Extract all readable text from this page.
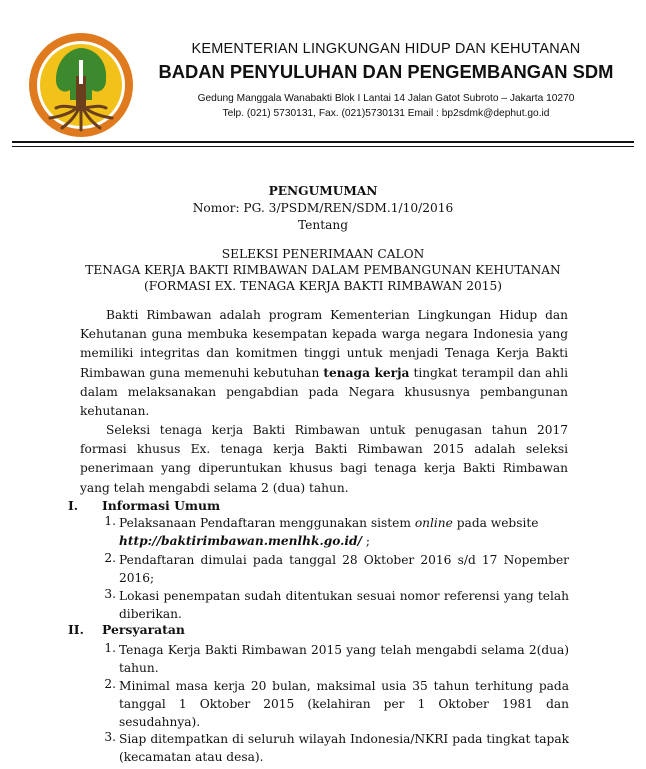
KEMENTERIAN LINGKUNGAN HIDUP DAN KEHUTANAN
BADAN PENYULUHAN DAN PENGEMBANGAN SDM
Gedung Manggala Wanabakti Blok I Lantai 14 Jalan Gatot Subroto – Jakarta 10270
Telp. (021) 5730131, Fax. (021)5730131 Email : bp2sdmk@dephut.go.id
PENGUMUMAN
Nomor: PG. 3/PSDM/REN/SDM.1/10/2016
Tentang
SELEKSI PENERIMAAN CALON
TENAGA KERJA BAKTI RIMBAWAN DALAM PEMBANGUNAN KEHUTANAN
(FORMASI EX. TENAGA KERJA BAKTI RIMBAWAN 2015)
Bakti Rimbawan adalah program Kementerian Lingkungan Hidup dan Kehutanan guna membuka kesempatan kepada warga negara Indonesia yang memiliki integritas dan komitmen tinggi untuk menjadi Tenaga Kerja Bakti Rimbawan guna memenuhi kebutuhan tenaga kerja tingkat terampil dan ahli dalam melaksanakan pengabdian pada Negara khususnya pembangunan kehutanan.
Seleksi tenaga kerja Bakti Rimbawan untuk penugasan tahun 2017 formasi khusus Ex. tenaga kerja Bakti Rimbawan 2015 adalah seleksi penerimaan yang diperuntukan khusus bagi tenaga kerja Bakti Rimbawan yang telah mengabdi selama 2 (dua) tahun.
I. Informasi Umum
1. Pelaksanaan Pendaftaran menggunakan sistem online pada website
http://baktirimbawan.menlhk.go.id/ ;
2. Pendaftaran dimulai pada tanggal 28 Oktober 2016 s/d 17 Nopember 2016;
3. Lokasi penempatan sudah ditentukan sesuai nomor referensi yang telah diberikan.
II. Persyaratan
1. Tenaga Kerja Bakti Rimbawan 2015 yang telah mengabdi selama 2(dua) tahun.
2. Minimal masa kerja 20 bulan, maksimal usia 35 tahun terhitung pada tanggal 1 Oktober 2015 (kelahiran per 1 Oktober 1981 dan sesudahnya).
3. Siap ditempatkan di seluruh wilayah Indonesia/NKRI pada tingkat tapak (kecamatan atau desa).
